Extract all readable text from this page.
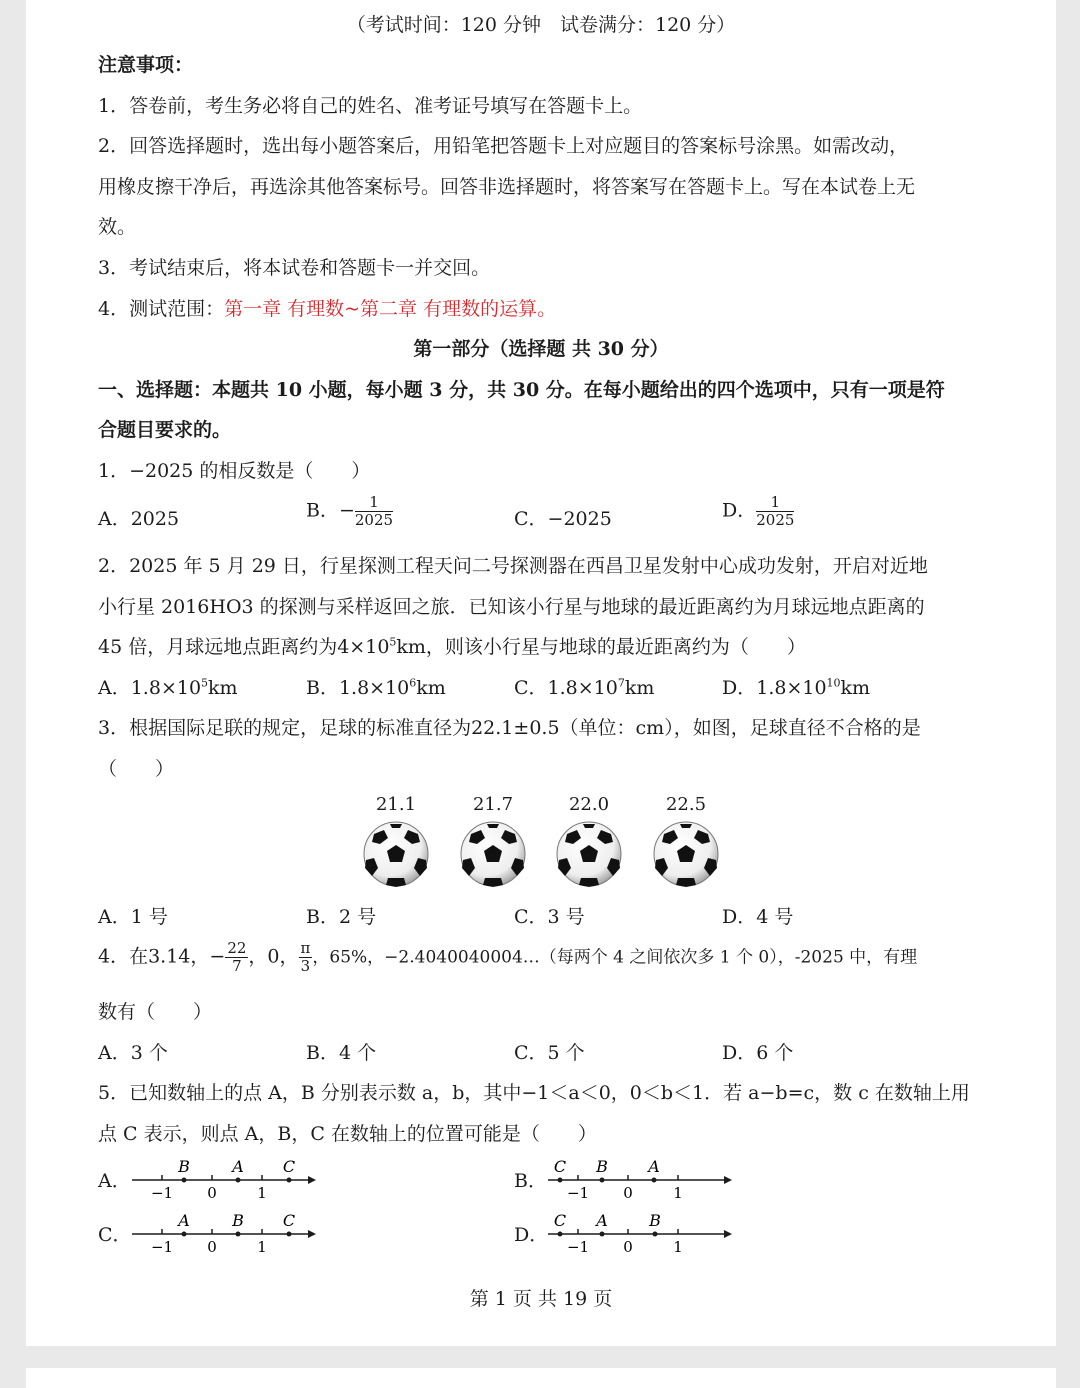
（考试时间：120 分钟　试卷满分：120 分）
注意事项：
1．答卷前，考生务必将自己的姓名、准考证号填写在答题卡上。
2．回答选择题时，选出每小题答案后，用铅笔把答题卡上对应题目的答案标号涂黑。如需改动，
用橡皮擦干净后，再选涂其他答案标号。回答非选择题时，将答案写在答题卡上。写在本试卷上无
效。
3．考试结束后，将本试卷和答题卡一并交回。
4．测试范围：第一章 有理数~第二章 有理数的运算。
第一部分（选择题 共 30 分）
一、选择题：本题共 10 小题，每小题 3 分，共 30 分。在每小题给出的四个选项中，只有一项是符
合题目要求的。
1．−2025 的相反数是（　　）
A．2025	B．− $\frac{1}{2025}$	C．−2025	D． $\frac{1}{2025}$
2．2025 年 5 月 29 日，行星探测工程天问二号探测器在西昌卫星发射中心成功发射，开启对近地
小行星 2016HO3 的探测与采样返回之旅．已知该小行星与地球的最近距离约为月球远地点距离的
45 倍，月球远地点距离约为$4\times 10^5km$，则该小行星与地球的最近距离约为（　　）
A．$1.8\times 10^5km$	B．$1.8\times 10^6km$	C．$1.8\times 10^7km$	D．$1.8\times 10^{10}km$
3．根据国际足联的规定，足球的标准直径为22.1±0.5（单位：cm），如图，足球直径不合格的是
（　　）
21.1	21.7	22.0	22.5
A．1 号	B．2 号	C．3 号	D．4 号
4．在3.14，− $\frac{22}{7}$ ，0， $\frac{\pi}{3}$ ，65%，−2.4040040004…（每两个 4 之间依次多 1 个 0），-2025 中，有理
数有（　　）
A．3 个	B．4 个	C．5 个	D．6 个
5．已知数轴上的点 A，B 分别表示数 a，b，其中−1＜a＜0，0＜b＜1．若 a−b=c，数 c 在数轴上用
点 C 表示，则点 A，B，C 在数轴上的位置可能是（　　）
A．
−1 0	1
B	A C
B．
−1 0	1
C B	A
C．
−1 0	1
A	B C
D．
−1 0	1
C A	B
第 1 页 共 19 页
